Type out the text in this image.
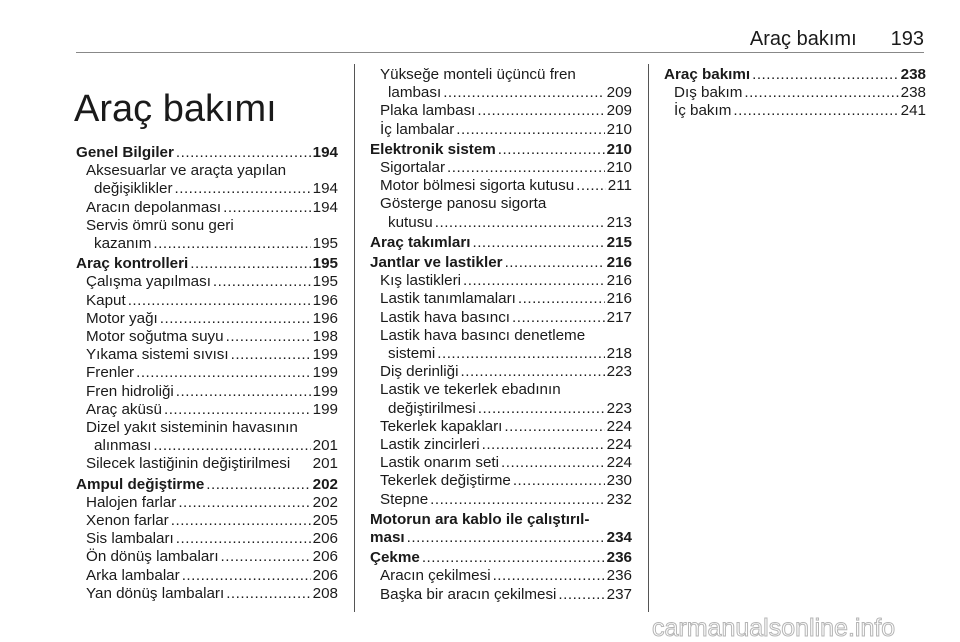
Araç bakımı 193
Araç bakımı
Genel Bilgiler .....	194
Aksesuarlar ve araçta yapılan
değişiklikler .....	194
Aracın depolanması .....	194
Servis ömrü sonu geri
kazanım .....	195
Araç kontrolleri .....	195
Çalışma yapılması .....	195
Kaput .....	196
Motor yağı .....	196
Motor soğutma suyu .....	198
Yıkama sistemi sıvısı .....	199
Frenler .....	199
Fren hidroliği .....	199
Araç aküsü .....	199
Dizel yakıt sisteminin havasının
alınması .....	201
Silecek lastiğinin değiştirilmesi 201
Ampul değiştirme .....	202
Halojen farlar .....	202
Xenon farlar .....	205
Sis lambaları .....	206
Ön dönüş lambaları .....	206
Arka lambalar .....	206
Yan dönüş lambaları .....	208
Yükseğe monteli üçüncü fren
lambası .....	209
Plaka lambası .....	209
İç lambalar .....	210
Elektronik sistem .....	210
Sigortalar .....	210
Motor bölmesi sigorta kutusu ..... 211
Gösterge panosu sigorta
kutusu .....	213
Araç takımları .....	215
Jantlar ve lastikler .....	216
Kış lastikleri .....	216
Lastik tanımlamaları .....	216
Lastik hava basıncı .....	217
Lastik hava basıncı denetleme
sistemi .....	218
Diş derinliği .....	223
Lastik ve tekerlek ebadının
değiştirilmesi .....	223
Tekerlek kapakları .....	224
Lastik zincirleri .....	224
Lastik onarım seti .....	224
Tekerlek değiştirme .....	230
Stepne .....	232
Motorun ara kablo ile çalıştırıl-
ması .....	234
Çekme .....	236
Aracın çekilmesi .....	236
Başka bir aracın çekilmesi .....	237
Araç bakımı .....	238
Dış bakım .....	238
İç bakım .....	241
carmanualsonline.info
